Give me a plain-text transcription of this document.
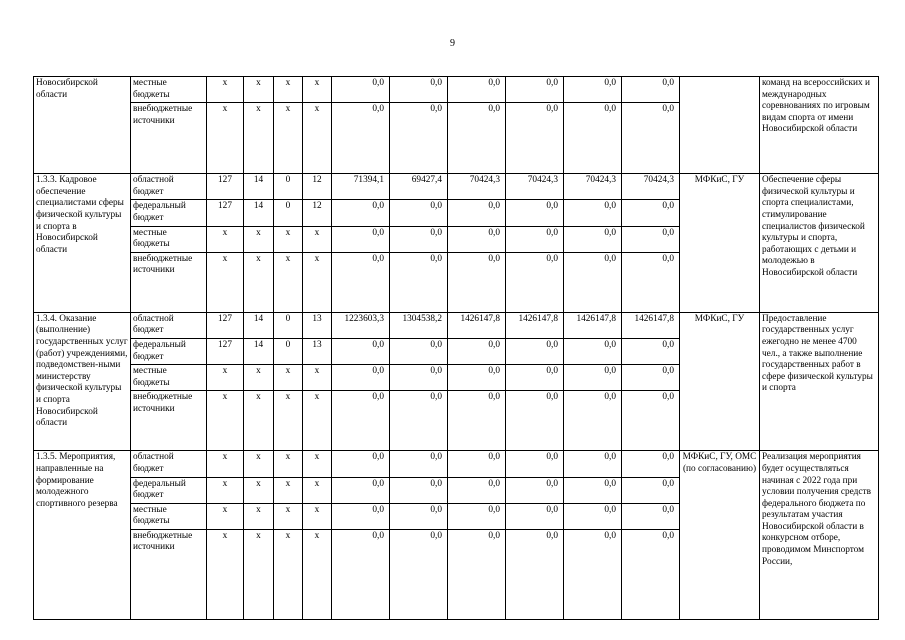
9
Новосибирской области	местные бюджеты	х	х	х	х	0,0	0,0	0,0	0,0	0,0	0,0		команд на всероссийских и международных соревнованиях по игровым видам спорта от имени Новосибирской области
	внебюджетные источники	х	х	х	х	0,0	0,0	0,0	0,0	0,0	0,0		
1.3.3. Кадровое обеспечение специалистами сферы физической культуры и спорта в Новосибирской области	областной бюджет	127	14	0	12	71394,1	69427,4	70424,3	70424,3	70424,3	70424,3	МФКиС, ГУ	Обеспечение сферы физической культуры и спорта специалистами, стимулирование специалистов физической культуры и спорта, работающих с детьми и молодежью в Новосибирской области
	федеральный бюджет	127	14	0	12	0,0	0,0	0,0	0,0	0,0	0,0		
	местные бюджеты	х	х	х	х	0,0	0,0	0,0	0,0	0,0	0,0		
	внебюджетные источники	х	х	х	х	0,0	0,0	0,0	0,0	0,0	0,0		
1.3.4. Оказание (выполнение) государственных услуг (работ) учреждениями, подведомствен-ными министерству физической культуры и спорта Новосибирской области	областной бюджет	127	14	0	13	1223603,3	1304538,2	1426147,8	1426147,8	1426147,8	1426147,8	МФКиС, ГУ	Предоставление государственных услуг ежегодно не менее 4700 чел., а также выполнение государственных работ в сфере физической культуры и спорта
	федеральный бюджет	127	14	0	13	0,0	0,0	0,0	0,0	0,0	0,0		
	местные бюджеты	х	х	х	х	0,0	0,0	0,0	0,0	0,0	0,0		
	внебюджетные источники	х	х	х	х	0,0	0,0	0,0	0,0	0,0	0,0		
1.3.5. Мероприятия, направленные на формирование молодежного спортивного резерва	областной бюджет	х	х	х	х	0,0	0,0	0,0	0,0	0,0	0,0	МФКиС, ГУ, ОМС (по согласованию)	Реализация мероприятия будет осуществляться начиная с 2022 года при условии получения средств федерального бюджета по результатам участия Новосибирской области в конкурсном отборе, проводимом Минспортом России,
	федеральный бюджет	х	х	х	х	0,0	0,0	0,0	0,0	0,0	0,0		
	местные бюджеты	х	х	х	х	0,0	0,0	0,0	0,0	0,0	0,0		
	внебюджетные источники	х	х	х	х	0,0	0,0	0,0	0,0	0,0	0,0		
